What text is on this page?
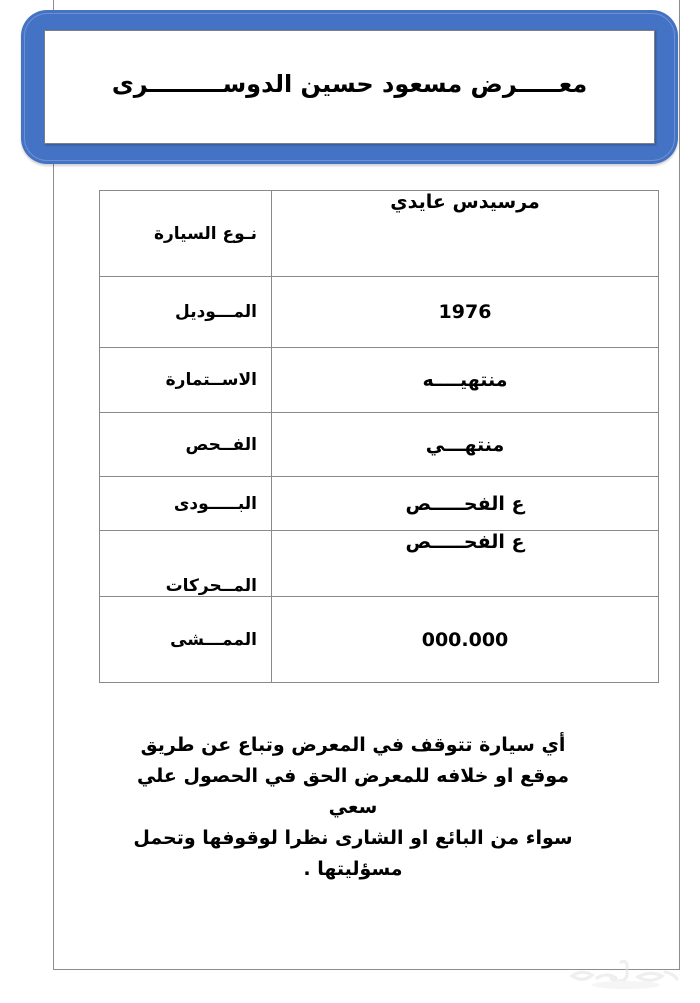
معـــــرض مسعود حسين الدوســـــــــرى
مرسيدس عايدي	نـوع السيارة
1976	المـــوديل
منتهيــــه	الاســتمارة
منتهـــي	الفــحص
ع الفحـــــص	البـــــودى
ع الفحـــــص	المــحركات
000.000	الممـــشى
أي سيارة تتوقف في المعرض وتباع عن طريق
موقع او خلافه للمعرض الحق في الحصول علي سعي
سواء من البائع او الشارى نظرا لوقوفها وتحمل
مسؤليتها .
